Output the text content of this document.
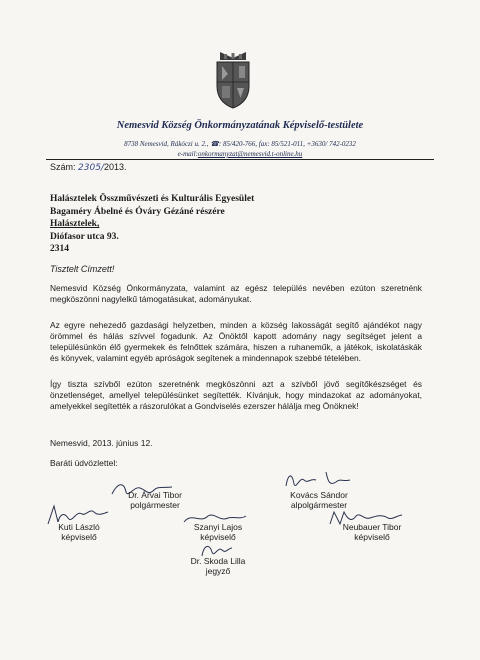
Nemesvid Község Önkormányzatának Képviselő-testülete
8738 Nemesvid, Rákóczi u. 2., ☎: 85/420-766, fax: 85/521-011, +3630/ 742-0232
e-mail:onkormanyzat@nemesvid.t-online.hu
Szám: 2305/2013.
Halásztelek Összművészeti és Kulturális Egyesület
Bagaméry Ábelné és Óváry Gézáné részére
Halásztelek,
Diófasor utca 93.
2314
Tisztelt Címzett!
Nemesvid Község Önkormányzata, valamint az egész település nevében ezúton szeretnénk megköszönni nagylelkű támogatásukat, adományukat.
Az egyre nehezedő gazdasági helyzetben, minden a község lakosságát segítő ajándékot nagy örömmel és hálás szívvel fogadunk. Az Önöktől kapott adomány nagy segítséget jelent a településünkön élő gyermekek és felnőttek számára, hiszen a ruhaneműk, a játékok, iskolatáskák és könyvek, valamint egyéb apróságok segítenek a mindennapok szebbé tételében.
Így tiszta szívből ezúton szeretnénk megköszönni azt a szívből jövő segítőkészséget és önzetlenséget, amellyel településünket segítették. Kívánjuk, hogy mindazokat az adományokat, amelyekkel segítették a rászorulókat a Gondviselés ezerszer hálálja meg Önöknek!
Nemesvid, 2013. június 12.
Baráti üdvözlettel:
Dr. Árvai Tibor
polgármester
Kovács Sándor
alpolgármester
Kuti László
képviselő
Szanyi Lajos
képviselő
Neubauer Tibor
képviselő
Dr. Skoda Lilla
jegyző
